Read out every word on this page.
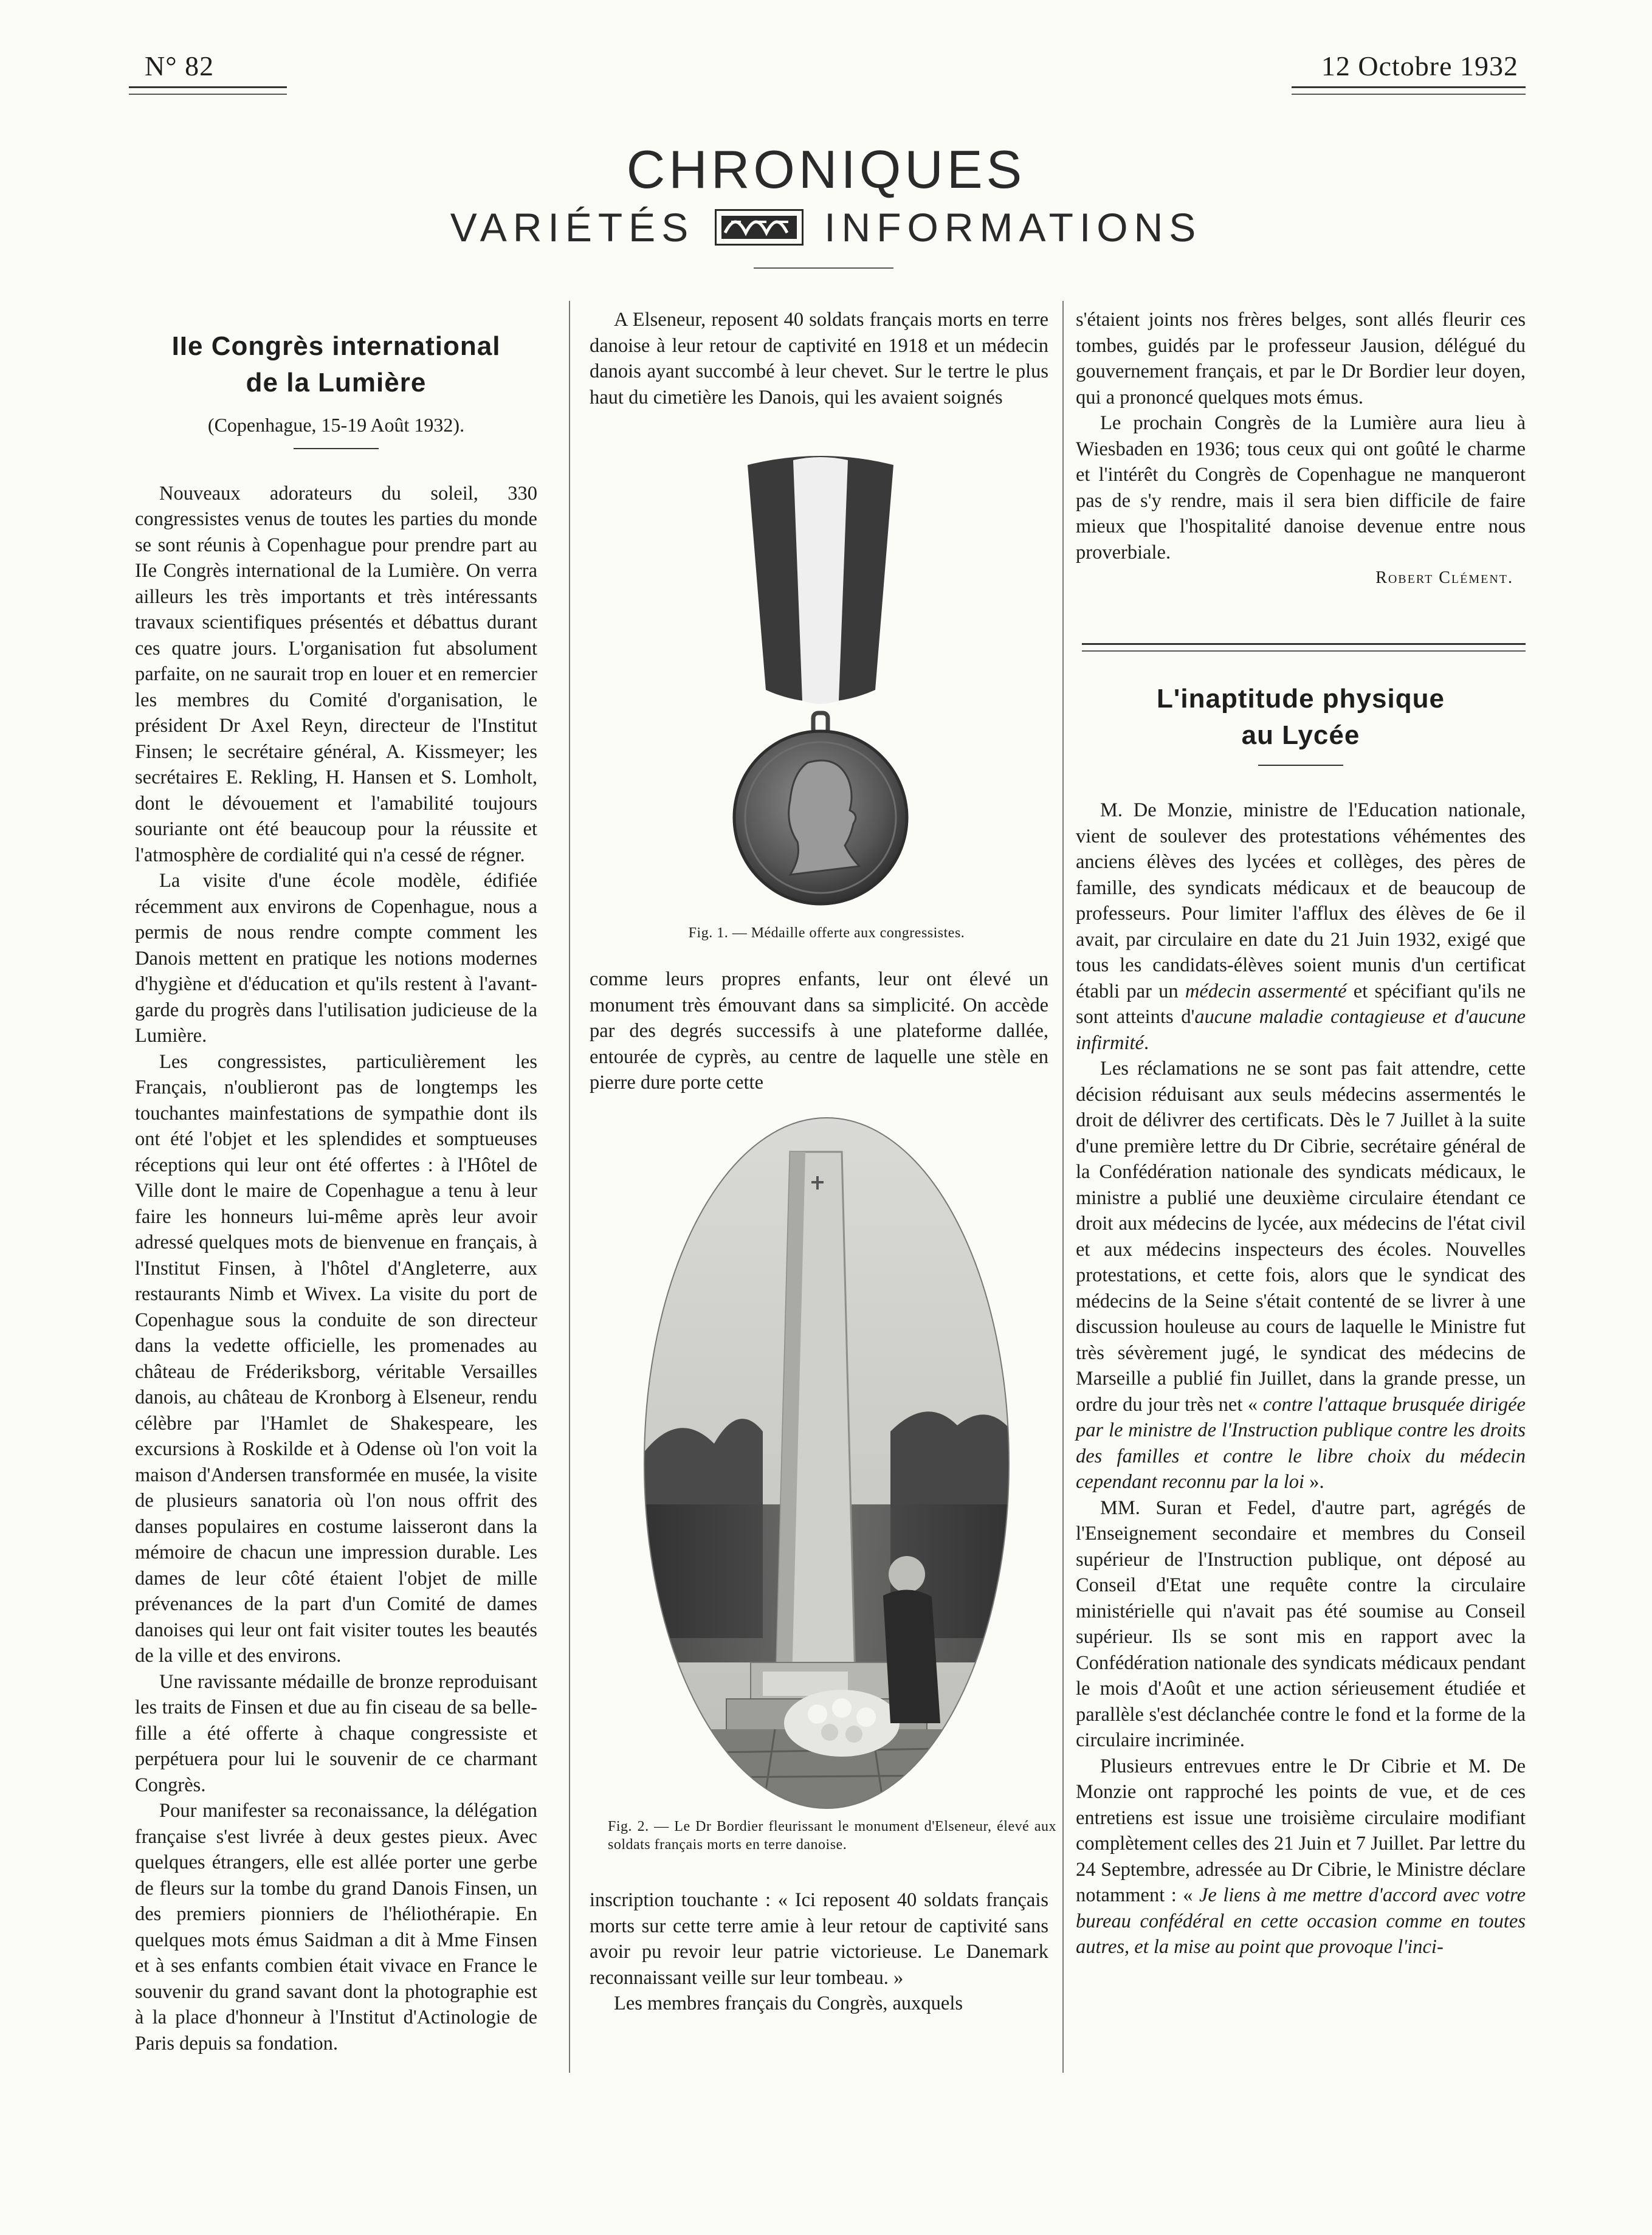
N° 82	12 Octobre 1932
CHRONIQUES
VARIÉTÉS	INFORMATIONS
IIe Congrès international
de la Lumière
(Copenhague, 15-19 Août 1932).

Nouveaux adorateurs du soleil, 330 congressistes venus de toutes les parties du monde se sont réunis à Copenhague pour prendre part au IIe Congrès international de la Lumière. On verra ailleurs les très importants et très intéressants travaux scientifiques présentés et débattus durant ces quatre jours. L'organisation fut absolument parfaite, on ne saurait trop en louer et en remercier les membres du Comité d'organisation, le président Dr Axel Reyn, directeur de l'Institut Finsen; le secrétaire général, A. Kissmeyer; les secrétaires E. Rekling, H. Hansen et S. Lomholt, dont le dévouement et l'amabilité toujours souriante ont été beaucoup pour la réussite et l'atmosphère de cordialité qui n'a cessé de régner.

La visite d'une école modèle, édifiée récemment aux environs de Copenhague, nous a permis de nous rendre compte comment les Danois mettent en pratique les notions modernes d'hygiène et d'éducation et qu'ils restent à l'avant-garde du progrès dans l'utilisation judicieuse de la Lumière.

Les congressistes, particulièrement les Français, n'oublieront pas de longtemps les touchantes mainfestations de sympathie dont ils ont été l'objet et les splendides et somptueuses réceptions qui leur ont été offertes : à l'Hôtel de Ville dont le maire de Copenhague a tenu à leur faire les honneurs lui-même après leur avoir adressé quelques mots de bienvenue en français, à l'Institut Finsen, à l'hôtel d'Angleterre, aux restaurants Nimb et Wivex. La visite du port de Copenhague sous la conduite de son directeur dans la vedette officielle, les promenades au château de Fréderiksborg, véritable Versailles danois, au château de Kronborg à Elseneur, rendu célèbre par l'Hamlet de Shakespeare, les excursions à Roskilde et à Odense où l'on voit la maison d'Andersen transformée en musée, la visite de plusieurs sanatoria où l'on nous offrit des danses populaires en costume laisseront dans la mémoire de chacun une impression durable. Les dames de leur côté étaient l'objet de mille prévenances de la part d'un Comité de dames danoises qui leur ont fait visiter toutes les beautés de la ville et des environs.

Une ravissante médaille de bronze reproduisant les traits de Finsen et due au fin ciseau de sa belle-fille a été offerte à chaque congressiste et perpétuera pour lui le souvenir de ce charmant Congrès.

Pour manifester sa reconaissance, la délégation française s'est livrée à deux gestes pieux. Avec quelques étrangers, elle est allée porter une gerbe de fleurs sur la tombe du grand Danois Finsen, un des premiers pionniers de l'héliothérapie. En quelques mots émus Saidman a dit à Mme Finsen et à ses enfants combien était vivace en France le souvenir du grand savant dont la photographie est à la place d'honneur à l'Institut d'Actinologie de Paris depuis sa fondation.

A Elseneur, reposent 40 soldats français morts en terre danoise à leur retour de captivité en 1918 et un médecin danois ayant succombé à leur chevet. Sur le tertre le plus haut du cimetière les Danois, qui les avaient soignés

Fig. 1. — Médaille offerte aux congressistes.

comme leurs propres enfants, leur ont élevé un monument très émouvant dans sa simplicité. On accède par des degrés successifs à une plateforme dallée, entourée de cyprès, au centre de laquelle une stèle en pierre dure porte cette

Fig. 2. — Le Dr Bordier fleurissant le monument d'Elseneur, élevé aux soldats français morts en terre danoise.

inscription touchante : « Ici reposent 40 soldats français morts sur cette terre amie à leur retour de captivité sans avoir pu revoir leur patrie victorieuse. Le Danemark reconnaissant veille sur leur tombeau. »

Les membres français du Congrès, auxquels

s'étaient joints nos frères belges, sont allés fleurir ces tombes, guidés par le professeur Jausion, délégué du gouvernement français, et par le Dr Bordier leur doyen, qui a prononcé quelques mots émus.

Le prochain Congrès de la Lumière aura lieu à Wiesbaden en 1936; tous ceux qui ont goûté le charme et l'intérêt du Congrès de Copenhague ne manqueront pas de s'y rendre, mais il sera bien difficile de faire mieux que l'hospitalité danoise devenue entre nous proverbiale.

Robert Clément.
L'inaptitude physique
au Lycée

M. De Monzie, ministre de l'Education nationale, vient de soulever des protestations véhémentes des anciens élèves des lycées et collèges, des pères de famille, des syndicats médicaux et de beaucoup de professeurs. Pour limiter l'afflux des élèves de 6e il avait, par circulaire en date du 21 Juin 1932, exigé que tous les candidats-élèves soient munis d'un certificat établi par un médecin assermenté et spécifiant qu'ils ne sont atteints d'aucune maladie contagieuse et d'aucune infirmité.

Les réclamations ne se sont pas fait attendre, cette décision réduisant aux seuls médecins assermentés le droit de délivrer des certificats. Dès le 7 Juillet à la suite d'une première lettre du Dr Cibrie, secrétaire général de la Confédération nationale des syndicats médicaux, le ministre a publié une deuxième circulaire étendant ce droit aux médecins de lycée, aux médecins de l'état civil et aux médecins inspecteurs des écoles. Nouvelles protestations, et cette fois, alors que le syndicat des médecins de la Seine s'était contenté de se livrer à une discussion houleuse au cours de laquelle le Ministre fut très sévèrement jugé, le syndicat des médecins de Marseille a publié fin Juillet, dans la grande presse, un ordre du jour très net « contre l'attaque brusquée dirigée par le ministre de l'Instruction publique contre les droits des familles et contre le libre choix du médecin cependant reconnu par la loi ».

MM. Suran et Fedel, d'autre part, agrégés de l'Enseignement secondaire et membres du Conseil supérieur de l'Instruction publique, ont déposé au Conseil d'Etat une requête contre la circulaire ministérielle qui n'avait pas été soumise au Conseil supérieur. Ils se sont mis en rapport avec la Confédération nationale des syndicats médicaux pendant le mois d'Août et une action sérieusement étudiée et parallèle s'est déclanchée contre le fond et la forme de la circulaire incriminée.

Plusieurs entrevues entre le Dr Cibrie et M. De Monzie ont rapproché les points de vue, et de ces entretiens est issue une troisième circulaire modifiant complètement celles des 21 Juin et 7 Juillet. Par lettre du 24 Septembre, adressée au Dr Cibrie, le Ministre déclare notamment : « Je liens à me mettre d'accord avec votre bureau confédéral en cette occasion comme en toutes autres, et la mise au point que provoque l'inci-
